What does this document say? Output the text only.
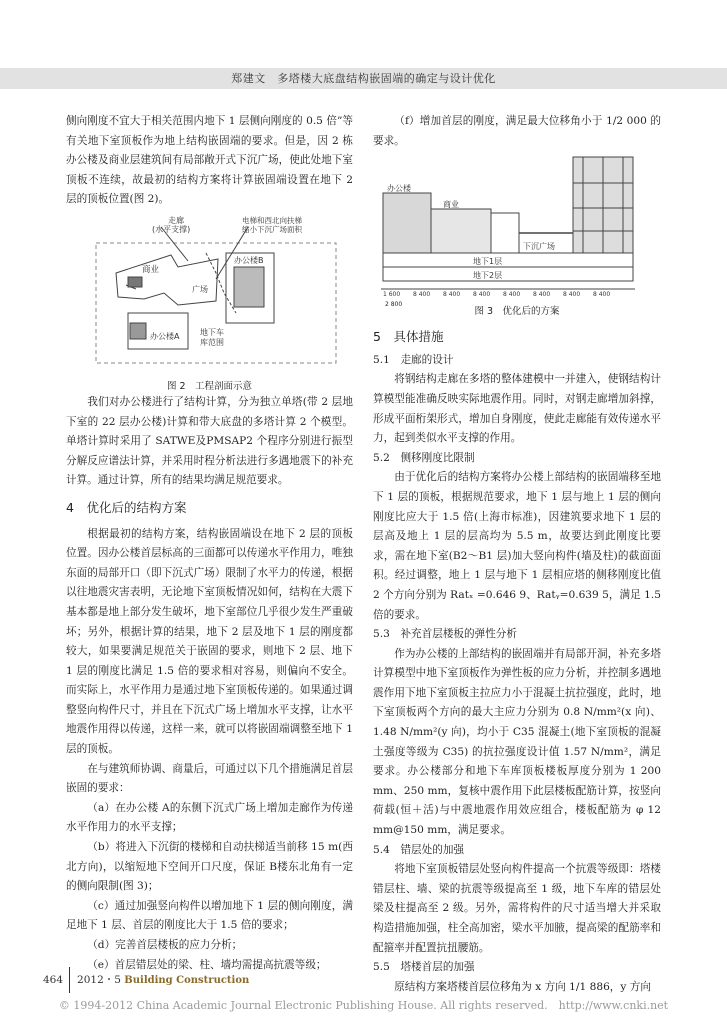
郑建文　多塔楼大底盘结构嵌固端的确定与设计优化

侧向刚度不宜大于相关范围内地下 1 层侧向刚度的 0.5 倍”等有关地下室顶板作为地上结构嵌固端的要求。但是，因 2 栋办公楼及商业层建筑间有局部敞开式下沉广场，使此处地下室顶板不连续，故最初的结构方案将计算嵌固端设置在地下 2 层的顶板位置(图 2)。

走廊
(水平支撑)
电梯和西北向扶梯
缩小下沉广场面积
商业
广场
办公楼B
办公楼A	地下车
库范围

图 2　工程剖面示意

我们对办公楼进行了结构计算，分为独立单塔(带 2 层地下室的 22 层办公楼)计算和带大底盘的多塔计算 2 个模型。单塔计算时采用了 SATWE及PMSAP2 个程序分别进行振型分解反应谱法计算，并采用时程分析法进行多遇地震下的补充计算。通过计算，所有的结果均满足规范要求。

4　优化后的结构方案

根据最初的结构方案，结构嵌固端设在地下 2 层的顶板位置。因办公楼首层标高的三面都可以传递水平作用力，唯独东面的局部开口（即下沉式广场）限制了水平力的传递，根据以往地震灾害表明，无论地下室顶板情况如何，结构在大震下基本都是地上部分发生破坏，地下室部位几乎很少发生严重破坏；另外，根据计算的结果，地下 2 层及地下 1 层的刚度都较大，如果要满足规范关于嵌固的要求，则地下 2 层、地下 1 层的刚度比满足 1.5 倍的要求相对容易，则偏向不安全。而实际上，水平作用力是通过地下室顶板传递的。如果通过调整竖向构件尺寸，并且在下沉式广场上增加水平支撑，让水平地震作用得以传递，这样一来，就可以将嵌固端调整至地下 1 层的顶板。

在与建筑师协调、商量后，可通过以下几个措施满足首层嵌固的要求：

（a）在办公楼 A的东侧下沉式广场上增加走廊作为传递水平作用力的水平支撑；

（b）将进入下沉街的楼梯和自动扶梯适当前移 15 m(西北方向)，以缩短地下空间开口尺度，保证 B楼东北角有一定的侧向限制(图 3)；

（c）通过加强竖向构件以增加地下 1 层的侧向刚度，满足地下 1 层、首层的刚度比大于 1.5 倍的要求；

（d）完善首层楼板的应力分析；

（e）首层错层处的梁、柱、墙均需提高抗震等级；

（f）增加首层的刚度，满足最大位移角小于 1/2 000 的要求。

办公楼
商业
下沉广场
地下1层
地下2层
1 600 8 400 8 400 8 400 8 400 8 400 8 400 8 400
2 800

图 3　优化后的方案

5　具体措施

5.1　走廊的设计

将钢结构走廊在多塔的整体建模中一并建入，使钢结构计算模型能准确反映实际地震作用。同时，对钢走廊增加斜撑，形成平面桁架形式，增加自身刚度，使此走廊能有效传递水平力，起到类似水平支撑的作用。

5.2　侧移刚度比限制

由于优化后的结构方案将办公楼上部结构的嵌固端移至地下 1 层的顶板，根据规范要求，地下 1 层与地上 1 层的侧向刚度比应大于 1.5 倍(上海市标准)，因建筑要求地下 1 层的层高及地上 1 层的层高均为 5.5 m，故要达到此刚度比要求，需在地下室(B2～B1 层)加大竖向构件(墙及柱)的截面面积。经过调整，地上 1 层与地下 1 层相应塔的侧移刚度比值 2 个方向分别为 Ratₓ =0.646 9、Ratᵧ=0.639 5，满足 1.5 倍的要求。

5.3　补充首层楼板的弹性分析

作为办公楼的上部结构的嵌固端并有局部开洞，补充多塔计算模型中地下室顶板作为弹性板的应力分析，并控制多遇地震作用下地下室顶板主拉应力小于混凝土抗拉强度，此时，地下室顶板两个方向的最大主应力分别为 0.8 N/mm²(x 向)、1.48 N/mm²(y 向)，均小于 C35 混凝土(地下室顶板的混凝土强度等级为 C35) 的抗拉强度设计值 1.57 N/mm²，满足要求。办公楼部分和地下车库顶板楼板厚度分别为 1 200 mm、250 mm，复核中震作用下此层楼板配筋计算，按竖向荷载(恒＋活)与中震地震作用效应组合，楼板配筋为 φ 12 mm@150 mm，满足要求。

5.4　错层处的加强

将地下室顶板错层处竖向构件提高一个抗震等级即：塔楼错层柱、墙、梁的抗震等级提高至 1 级，地下车库的错层处梁及柱提高至 2 级。另外，需将构件的尺寸适当增大并采取构造措施加强，柱全高加密，梁水平加腋，提高梁的配筋率和配箍率并配置抗扭腰筋。

5.5　塔楼首层的加强

原结构方案塔楼首层位移角为 x 方向 1/1 886，y 方向

464 2012・5 Building Construction
© 1994-2012 China Academic Journal Electronic Publishing House. All rights reserved.　http://www.cnki.net
